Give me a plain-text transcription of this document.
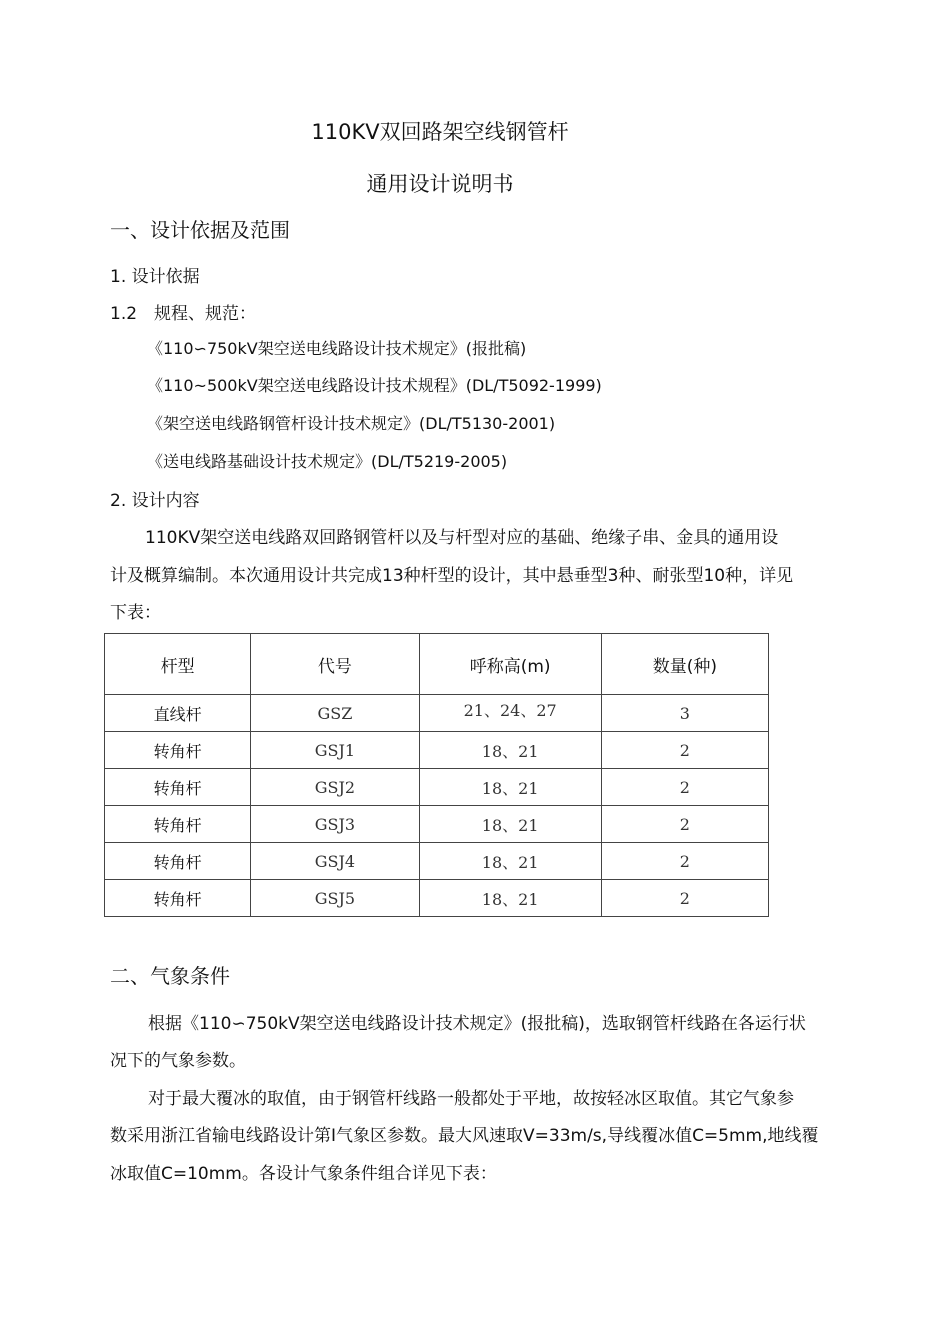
110KV双回路架空线钢管杆
通用设计说明书
一、设计依据及范围
1. 设计依据
1.2　规程、规范：
《110∽750kV架空送电线路设计技术规定》(报批稿)
《110~500kV架空送电线路设计技术规程》(DL/T5092-1999)
《架空送电线路钢管杆设计技术规定》(DL/T5130-2001)
《送电线路基础设计技术规定》(DL/T5219-2005)
2. 设计内容
110KV架空送电线路双回路钢管杆以及与杆型对应的基础、绝缘子串、金具的通用设
计及概算编制。本次通用设计共完成13种杆型的设计，其中悬垂型3种、耐张型10种，详见
下表：
杆型	代号	呼称高(m)	数量(种)
直线杆	GSZ	21、24、27	3
转角杆	GSJ1	18、21	2
转角杆	GSJ2	18、21	2
转角杆	GSJ3	18、21	2
转角杆	GSJ4	18、21	2
转角杆	GSJ5	18、21	2
二、气象条件
根据《110∽750kV架空送电线路设计技术规定》(报批稿)，选取钢管杆线路在各运行状
况下的气象参数。
对于最大覆冰的取值，由于钢管杆线路一般都处于平地，故按轻冰区取值。其它气象参
数采用浙江省输电线路设计第Ⅰ气象区参数。最大风速取V=33m/s,导线覆冰值C=5mm,地线覆
冰取值C=10mm。各设计气象条件组合详见下表：
